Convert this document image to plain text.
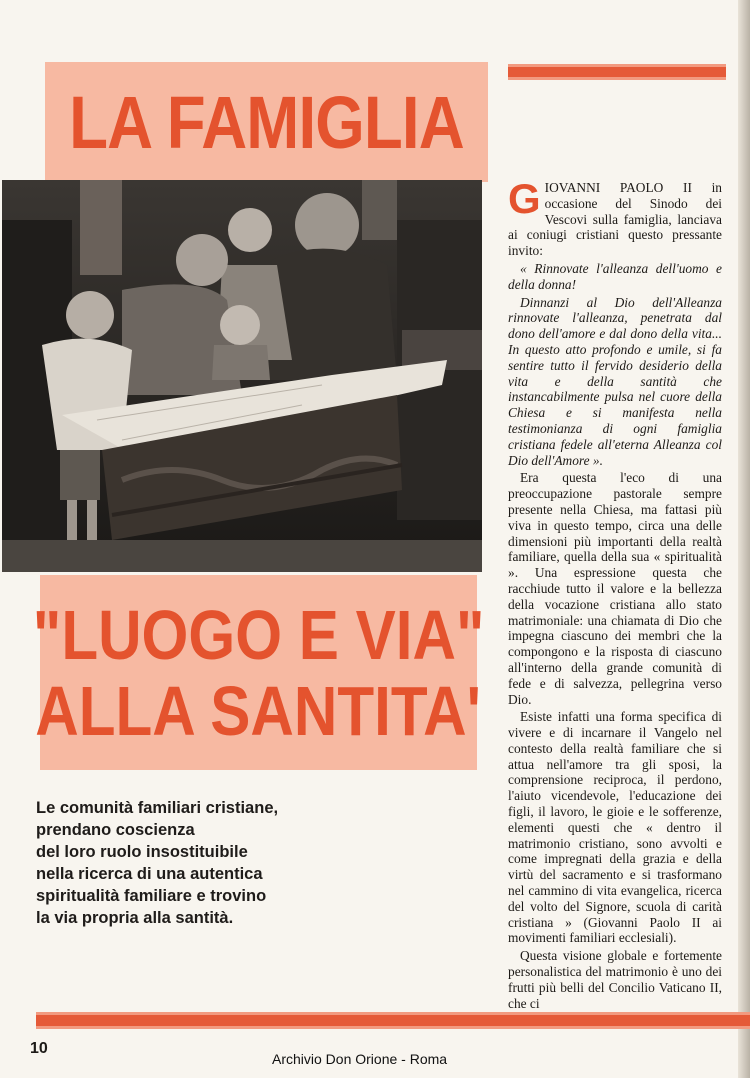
LA FAMIGLIA
"LUOGO E VIA"
ALLA SANTITA'
Le comunità familiari cristiane,
prendano coscienza
del loro ruolo insostituibile
nella ricerca di una autentica
spiritualità familiare e trovino
la via propria alla santità.

GIOVANNI PAOLO II in occasione del Sinodo dei Vescovi sulla famiglia, lanciava ai coniugi cristiani questo pressante invito:

« Rinnovate l'alleanza dell'uomo e della donna!

Dinnanzi al Dio dell'Alleanza rinnovate l'alleanza, penetrata dal dono dell'amore e dal dono della vita... In questo atto profondo e umile, si fa sentire tutto il fervido desiderio della vita e della santità che instancabilmente pulsa nel cuore della Chiesa e si manifesta nella testimonianza di ogni famiglia cristiana fedele all'eterna Alleanza col Dio dell'Amore ».

Era questa l'eco di una preoccupazione pastorale sempre presente nella Chiesa, ma fattasi più viva in questo tempo, circa una delle dimensioni più importanti della realtà familiare, quella della sua « spiritualità ». Una espressione questa che racchiude tutto il valore e la bellezza della vocazione cristiana allo stato matrimoniale: una chiamata di Dio che impegna ciascuno dei membri che la compongono e la risposta di ciascuno all'interno della grande comunità di fede e di salvezza, pellegrina verso Dio.

Esiste infatti una forma specifica di vivere e di incarnare il Vangelo nel contesto della realtà familiare che si attua nell'amore tra gli sposi, la comprensione reciproca, il perdono, l'aiuto vicendevole, l'educazione dei figli, il lavoro, le gioie e le sofferenze, elementi questi che « dentro il matrimonio cristiano, sono avvolti e come impregnati della grazia e della virtù del sacramento e si trasformano nel cammino di vita evangelica, ricerca del volto del Signore, scuola di carità cristiana » (Giovanni Paolo II ai movimenti familiari ecclesiali).

Questa visione globale e fortemente personalistica del matrimonio è uno dei frutti più belli del Concilio Vaticano II, che ci

10
Archivio Don Orione - Roma
